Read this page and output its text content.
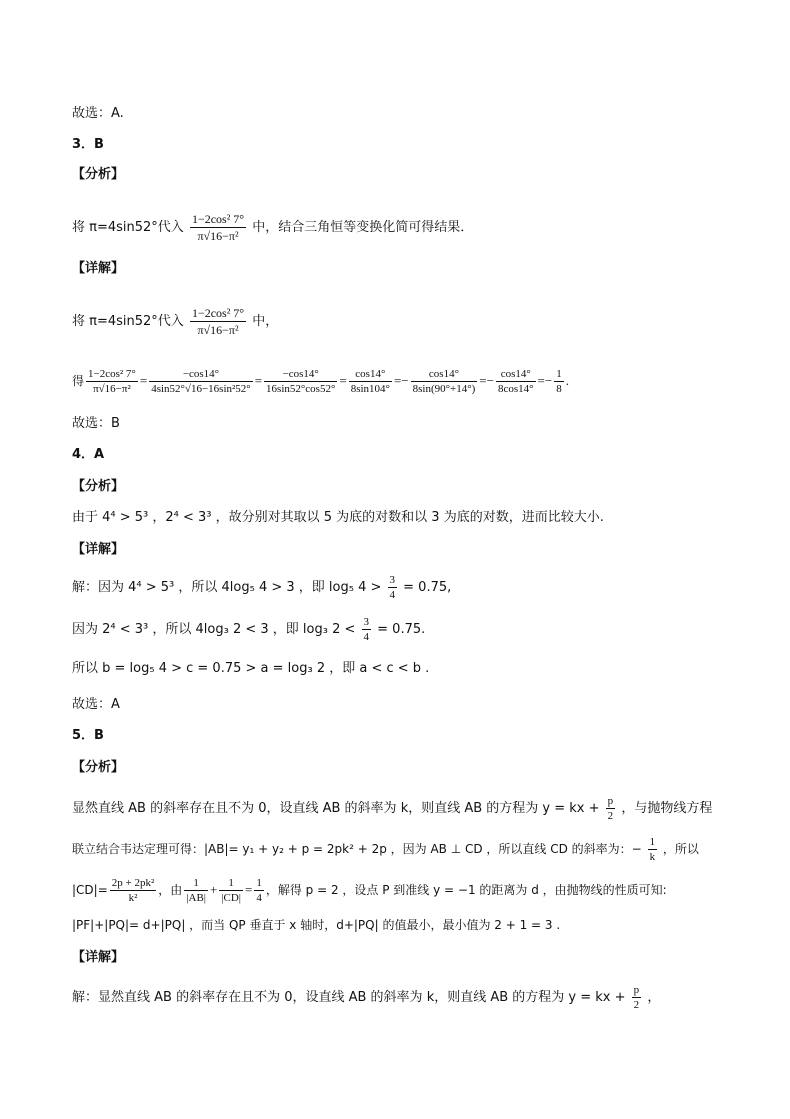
故选：A.
3．B
【分析】
将 π=4sin52°代入 $\frac{\text{1−2cos² 7°}}{\text{π√16−π²}}$ 中，结合三角恒等变换化简可得结果．
【详解】
将 π=4sin52°代入 $\frac{\text{1−2cos² 7°}}{\text{π√16−π²}}$ 中，
得 $\frac{\text{1−2cos² 7°}}{\text{π√16−π²}} = \frac{-\cos 14^\circ}{\text{4sin52°√16−16sin²52°}} = \frac{-\cos 14^\circ}{16\sin 52^\circ\cos 52^\circ} = \frac{\cos 14^\circ}{8\sin 104^\circ} =- \frac{\cos 14^\circ}{8\sin(90^\circ+14^\circ)} =- \frac{\cos 14^\circ}{8\cos 14^\circ} =- \frac{1}{8}$ .
故选：B
4．A
【分析】
由于 4⁴ > 5³ ，2⁴ < 3³ ，故分别对其取以 5 为底的对数和以 3 为底的对数，进而比较大小.
【详解】
解：因为 4⁴ > 5³ ，所以 4log₅ 4 > 3 ，即 log₅ $4 > \frac{3}{4} = 0.75$,
因为 2⁴ < 3³ ，所以 4log₃ 2 < 3 ，即 log₃ $2 < \frac{3}{4} = 0.75$.
所以 b = log₅ 4 > c = 0.75 > a = log₃ 2 ，即 a < c < b .
故选：A
5．B
【分析】
显然直线 AB 的斜率存在且不为 0，设直线 AB 的斜率为 k，则直线 AB 的方程为 y = kx + $\frac{p}{2}$ ，与抛物线方程
联立结合韦达定理可得：|AB|= y₁ + y₂ + p = 2pk² + 2p ，因为 AB ⊥ CD ，所以直线 CD 的斜率为：− $\frac{1}{k}$ ，所以
$|CD|= \frac{\text{2p + 2pk²}}{\text{k²}}$ ，由 $\frac{1}{|AB|} + \frac{1}{|CD|} = \frac{1}{4}$ ，解得 p = 2 ，设点 P 到准线 y = −1 的距离为 d ，由抛物线的性质可知:
|PF|+|PQ|= d+|PQ| ，而当 QP 垂直于 x 轴时，d+|PQ| 的值最小，最小值为 2 + 1 = 3 .
【详解】
解：显然直线 AB 的斜率存在且不为 0，设直线 AB 的斜率为 k，则直线 AB 的方程为 y = kx + $\frac{p}{2}$ ，
